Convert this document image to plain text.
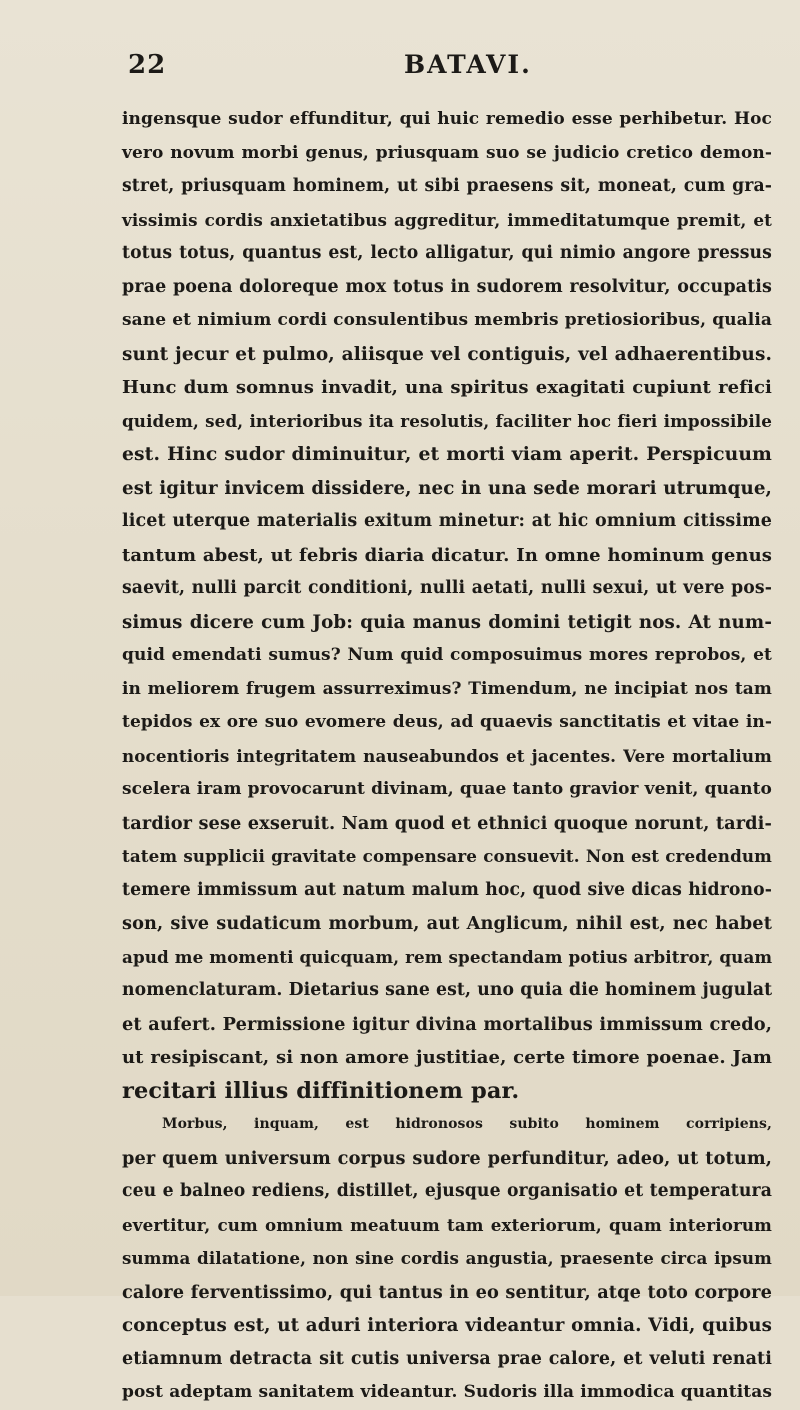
22	BATAVI.
ingensque sudor effunditur, qui huic remedio esse perhibetur. Hoc
vero novum morbi genus, priusquam suo se judicio cretico demon-
stret, priusquam hominem, ut sibi praesens sit, moneat, cum gra-
vissimis cordis anxietatibus aggreditur, immeditatumque premit, et
totus totus, quantus est, lecto alligatur, qui nimio angore pressus
prae poena doloreque mox totus in sudorem resolvitur, occupatis
sane et nimium cordi consulentibus membris pretiosioribus, qualia
sunt jecur et pulmo, aliisque vel contiguis, vel adhaerentibus.
Hunc dum somnus invadit, una spiritus exagitati cupiunt refici
quidem, sed, interioribus ita resolutis, faciliter hoc fieri impossibile
est. Hinc sudor diminuitur, et morti viam aperit. Perspicuum
est igitur invicem dissidere, nec in una sede morari utrumque,
licet uterque materialis exitum minetur: at hic omnium citissime
tantum abest, ut febris diaria dicatur. In omne hominum genus
saevit, nulli parcit conditioni, nulli aetati, nulli sexui, ut vere pos-
simus dicere cum Job: quia manus domini tetigit nos. At num-
quid emendati sumus? Num quid composuimus mores reprobos, et
in meliorem frugem assurreximus? Timendum, ne incipiat nos tam
tepidos ex ore suo evomere deus, ad quaevis sanctitatis et vitae in-
nocentioris integritatem nauseabundos et jacentes. Vere mortalium
scelera iram provocarunt divinam, quae tanto gravior venit, quanto
tardior sese exseruit. Nam quod et ethnici quoque norunt, tardi-
tatem supplicii gravitate compensare consuevit. Non est credendum
temere immissum aut natum malum hoc, quod sive dicas hidrono-
son, sive sudaticum morbum, aut Anglicum, nihil est, nec habet
apud me momenti quicquam, rem spectandam potius arbitror, quam
nomenclaturam. Dietarius sane est, uno quia die hominem jugulat
et aufert. Permissione igitur divina mortalibus immissum credo,
ut resipiscant, si non amore justitiae, certe timore poenae. Jam
recitari illius diffinitionem par.
Morbus, inquam, est hidronosos subito hominem corripiens,
per quem universum corpus sudore perfunditur, adeo, ut totum,
ceu e balneo rediens, distillet, ejusque organisatio et temperatura
evertitur, cum omnium meatuum tam exteriorum, quam interiorum
summa dilatatione, non sine cordis angustia, praesente circa ipsum
calore ferventissimo, qui tantus in eo sentitur, atqe toto corpore
conceptus est, ut aduri interiora videantur omnia. Vidi, quibus
etiamnum detracta sit cutis universa prae calore, et veluti renati
post adeptam sanitatem videantur. Sudoris illa immodica quantitas
